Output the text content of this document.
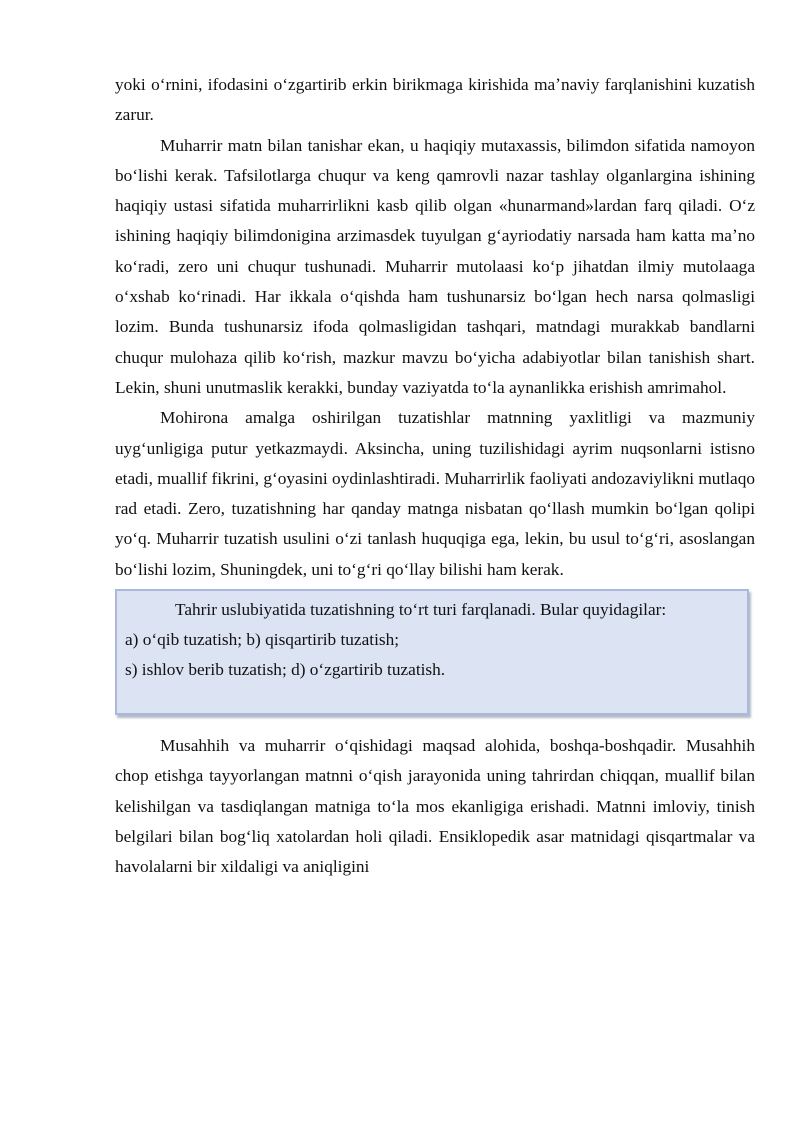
yoki oʻrnini, ifodasini oʻzgartirib erkin birikmaga kirishida maʼnaviy farqlanishini kuzatish zarur.

Muharrir matn bilan tanishar ekan, u haqiqiy mutaxassis, bilimdon sifatida namoyon boʻlishi kerak. Tafsilotlarga chuqur va keng qamrovli nazar tashlay olganlargina ishining haqiqiy ustasi sifatida muharrirlikni kasb qilib olgan «hunarmand»lardan farq qiladi. Oʻz ishining haqiqiy bilimdonigina arzimasdek tuyulgan gʻayriodatiy narsada ham katta maʼno koʻradi, zero uni chuqur tushunadi. Muharrir mutolaasi koʻp jihatdan ilmiy mutolaaga oʻxshab koʻrinadi. Har ikkala oʻqishda ham tushunarsiz boʻlgan hech narsa qolmasligi lozim. Bunda tushunarsiz ifoda qolmasligidan tashqari, matndagi murakkab bandlarni chuqur mulohaza qilib koʻrish, mazkur mavzu boʻyicha adabiyotlar bilan tanishish shart. Lekin, shuni unutmaslik kerakki, bunday vaziyatda toʻla aynanlikka erishish amrimahol.

Mohirona amalga oshirilgan tuzatishlar matnning yaxlitligi va mazmuniy uygʻunligiga putur yetkazmaydi. Aksincha, uning tuzilishidagi ayrim nuqsonlarni istisno etadi, muallif fikrini, gʻoyasini oydinlashtiradi. Muharrirlik faoliyati andozaviylikni mutlaqo rad etadi. Zero, tuzatishning har qanday matnga nisbatan qoʻllash mumkin boʻlgan qolipi yoʻq. Muharrir tuzatish usulini oʻzi tanlash huquqiga ega, lekin, bu usul toʻgʻri, asoslangan boʻlishi lozim, Shuningdek, uni toʻgʻri qoʻllay bilishi ham kerak.

Tahrir uslubiyatida tuzatishning toʻrt turi farqlanadi. Bular quyidagilar:

a) oʻqib tuzatish; b) qisqartirib tuzatish;

s) ishlov berib tuzatish; d) oʻzgartirib tuzatish.

Musahhih va muharrir oʻqishidagi maqsad alohida, boshqa-boshqadir. Musahhih chop etishga tayyorlangan matnni oʻqish jarayonida uning tahrirdan chiqqan, muallif bilan kelishilgan va tasdiqlangan matniga toʻla mos ekanligiga erishadi. Matnni imloviy, tinish belgilari bilan bogʻliq xatolardan holi qiladi. Ensiklopedik asar matnidagi qisqartmalar va havolalarni bir xildaligi va aniqligini
